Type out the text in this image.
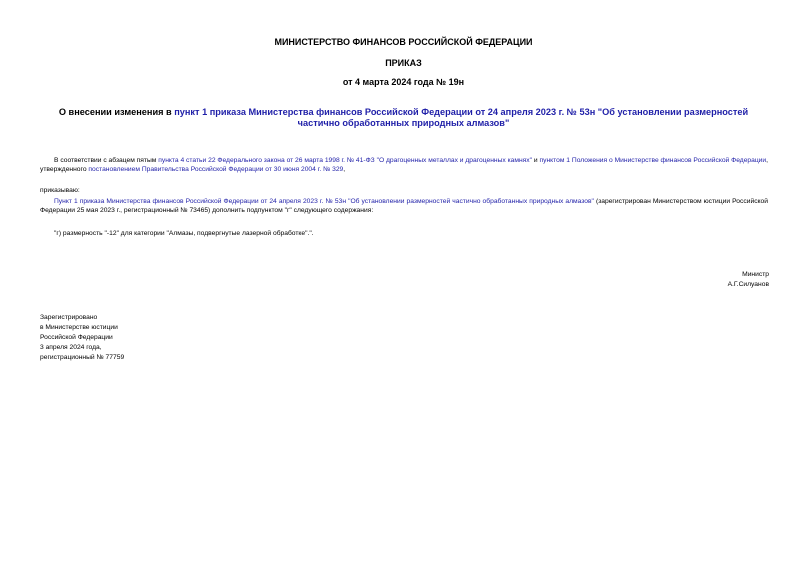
МИНИСТЕРСТВО ФИНАНСОВ РОССИЙСКОЙ ФЕДЕРАЦИИ
ПРИКАЗ
от 4 марта 2024 года № 19н
О внесении изменения в пункт 1 приказа Министерства финансов Российской Федерации от 24 апреля 2023 г. № 53н "Об установлении размерностей частично обработанных природных алмазов"
В соответствии с абзацем пятым пункта 4 статьи 22 Федерального закона от 26 марта 1998 г. № 41-ФЗ "О драгоценных металлах и драгоценных камнях" и пунктом 1 Положения о Министерстве финансов Российской Федерации, утвержденного постановлением Правительства Российской Федерации от 30 июня 2004 г. № 329,
приказываю:
Пункт 1 приказа Министерства финансов Российской Федерации от 24 апреля 2023 г. № 53н "Об установлении размерностей частично обработанных природных алмазов" (зарегистрирован Министерством юстиции Российской Федерации 25 мая 2023 г., регистрационный № 73465) дополнить подпунктом "г" следующего содержания:
"г) размерность "-12" для категории "Алмазы, подвергнутые лазерной обработке".".
Министр
А.Г.Силуанов
Зарегистрировано
в Министерстве юстиции
Российской Федерации
3 апреля 2024 года,
регистрационный № 77759
